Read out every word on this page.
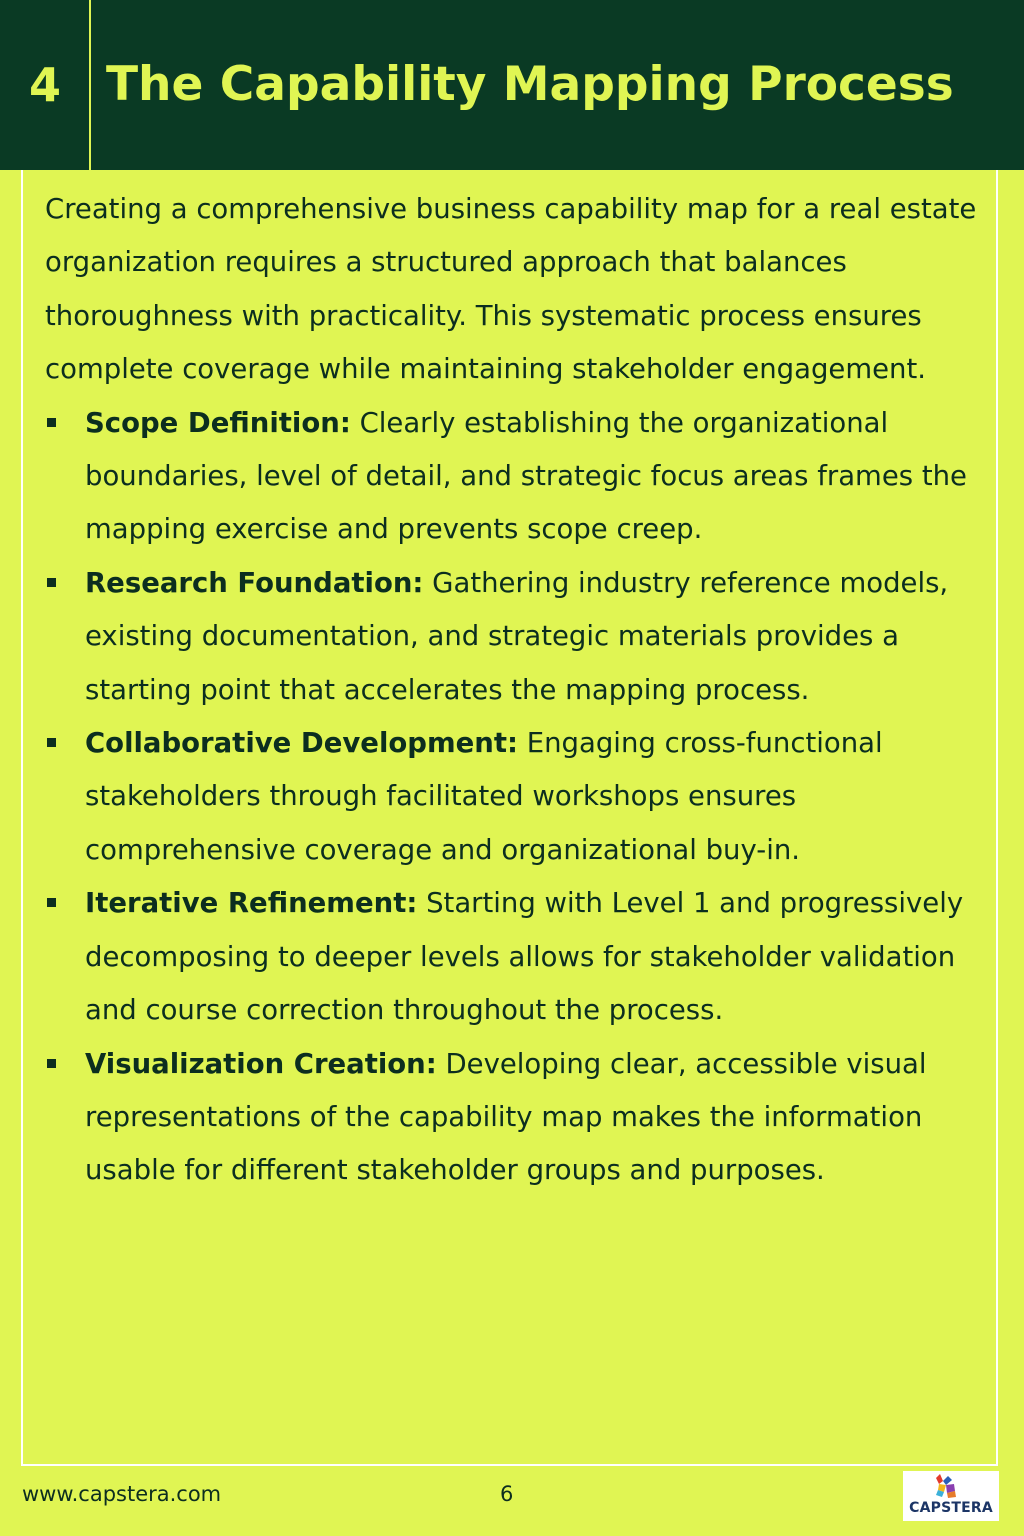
4 The Capability Mapping Process

Creating a comprehensive business capability map for a real estate organization requires a structured approach that balances thoroughness with practicality. This systematic process ensures complete coverage while maintaining stakeholder engagement.

Scope Definition: Clearly establishing the organizational boundaries, level of detail, and strategic focus areas frames the mapping exercise and prevents scope creep.
Research Foundation: Gathering industry reference models, existing documentation, and strategic materials provides a starting point that accelerates the mapping process.
Collaborative Development: Engaging cross-functional stakeholders through facilitated workshops ensures comprehensive coverage and organizational buy-in.
Iterative Refinement: Starting with Level 1 and progressively decomposing to deeper levels allows for stakeholder validation and course correction throughout the process.
Visualization Creation: Developing clear, accessible visual representations of the capability map makes the information usable for different stakeholder groups and purposes.
www.capstera.com	6
CAPSTERA
